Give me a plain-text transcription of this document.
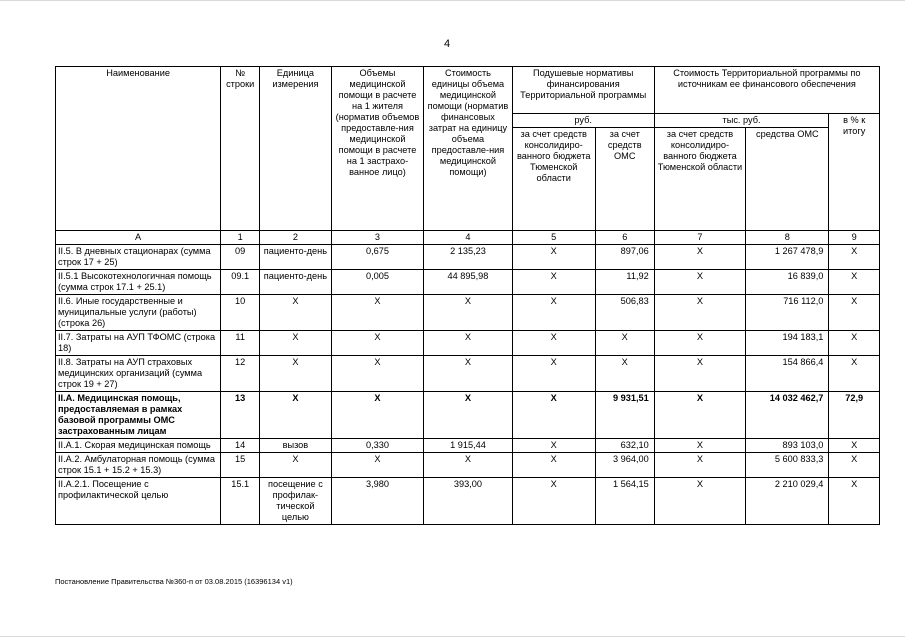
4
Наименование	№ строки	Единица измерения	Объемы медицинской помощи в расчете на 1 жителя (норматив объемов предоставле-ния медицинской помощи в расчете на 1 застрахо-ванное лицо)	Стоимость единицы объема медицинской помощи (норматив финансовых затрат на единицу объема предоставле-ния медицинской помощи)	Подушевые нормативы финансирования Территориальной программы		Стоимость Территориальной программы по источникам ее финансового обеспечения		
					руб.		тыс. руб.		в % к итогу
					за счет средств консолидиро-ванного бюджета Тюменской области	за счет средств ОМС	за счет средств консолидиро-ванного бюджета Тюменской области	средства ОМС	
А	1	2	3	4	5	6	7	8	9
II.5. В дневных стационарах (сумма строк 17 + 25)	09	пациенто-день	0,675	2 135,23	X	897,06	X	1 267 478,9	X
II.5.1 Высокотехнологичная помощь (сумма строк 17.1 + 25.1)	09.1	пациенто-день	0,005	44 895,98	X	11,92	X	16 839,0	X
II.6. Иные государственные и муниципальные услуги (работы) (строка 26)	10	X	X	X	X	506,83	X	716 112,0	X
II.7. Затраты на АУП ТФОМС (строка 18)	11	X	X	X	X	X	X	194 183,1	X
II.8. Затраты на АУП страховых медицинских организаций (сумма строк 19 + 27)	12	X	X	X	X	X	X	154 866,4	X
II.А. Медицинская помощь, предоставляемая в рамках базовой программы ОМС застрахованным лицам	13	X	X	X	X	9 931,51	X	14 032 462,7	72,9
II.А.1. Скорая медицинская помощь	14	вызов	0,330	1 915,44	X	632,10	X	893 103,0	X
II.А.2. Амбулаторная помощь (сумма строк 15.1 + 15.2 + 15.3)	15	X	X	X	X	3 964,00	X	5 600 833,3	X
II.А.2.1. Посещение с профилактической целью	15.1	посещение с профилак-тической целью	3,980	393,00	X	1 564,15	X	2 210 029,4	X
Постановление Правительства №360-п от 03.08.2015 (16396134 v1)
